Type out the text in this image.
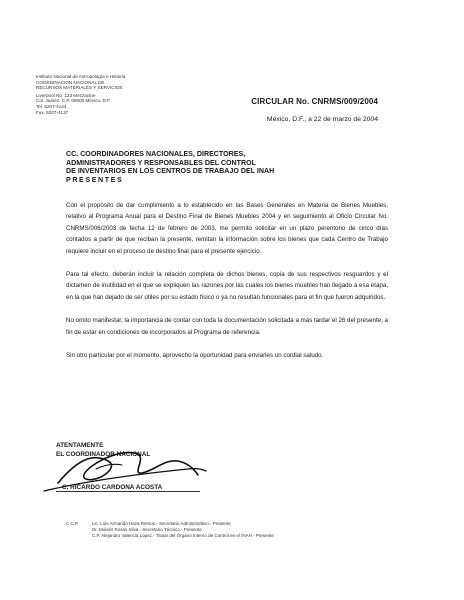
Instituto Nacional de Antropología e Historia
COORDINACION NACIONAL DE
RECURSOS MATERIALES Y SERVICIOS
Liverpool No. 123 Mezzanine
Col. Juárez, C.P. 06600 México, D.F.
Tel. 5207-4144
Fax. 5207-4137
CIRCULAR No. CNRMS/009/2004
México, D.F., a 22 de marzo de 2004
CC. COORDINADORES NACIONALES, DIRECTORES,
ADMINISTRADORES Y RESPONSABLES DEL CONTROL
DE INVENTARIOS EN LOS CENTROS DE TRABAJO DEL INAH
PRESENTES

Con el propósito de dar cumplimiento a lo establecido en las Bases Generales en Materia de Bienes Muebles, relativo al Programa Anual para el Destino Final de Bienes Muebles 2004 y en seguimiento al Oficio Circular No. CNRMS/006/2003 de fecha 12 de febrero de 2003, me permito solicitar en un plazo perentorio de cinco días contados a partir de que reciban la presente, remitan la información sobre los bienes que cada Centro de Trabajo requiere incluir en el proceso de destino final para el presente ejercicio.

Para tal efecto, deberán incluir la relación completa de dichos bienes, copia de sus respectivos resguardos y el dictamen de inutilidad en el que se expliquen las razones por las cuales los bienes muebles han llegado a esa etapa, en la que han dejado de ser útiles por su estado físico o ya no resultan funcionales para el fin que fueron adquiridos.

No omito manifestar, la importancia de contar con toda la documentación solicitada a más tardar el 26 del presente, a fin de estar en condiciones de incorporarlos al Programa de referencia.

Sin otro particular por el momento, aprovecho la oportunidad para enviarles un cordial saludo.

ATENTAMENTE
EL COORDINADOR NACIONAL
C. RICARDO CARDONA ACOSTA
C.C.P.	Lic. Luis Armando Haza Remus.- Secretario Administrativo.- Presente
Dr. Moisés Rosas Silva.- Secretario Técnico.- Presente
C.P. Alejandro Valencia López.- Titular del Órgano Interno de Control en el INAH.- Presente
